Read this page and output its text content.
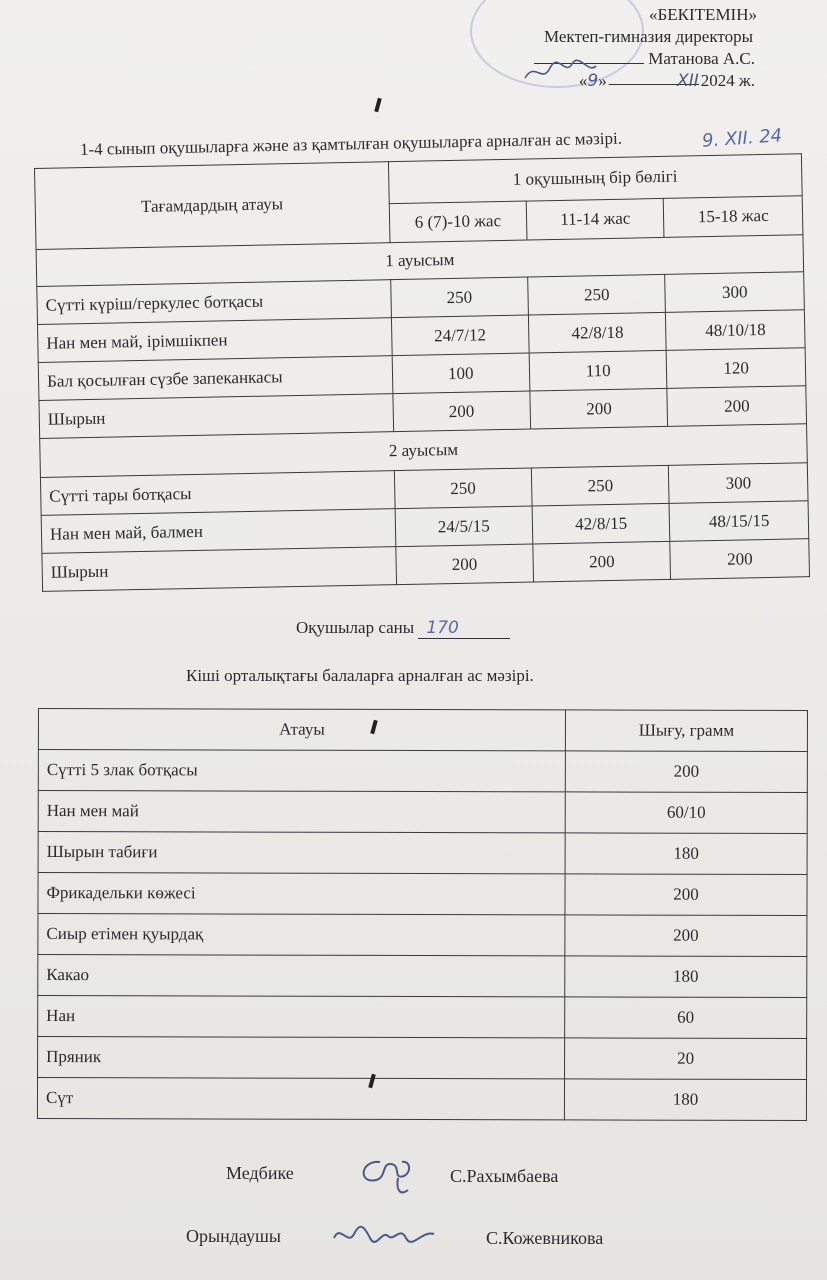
«БЕКІТЕМІН»
Мектеп-гимназия директоры
Матанова А.С.
«9»	XII 2024 ж.
1-4 сынып оқушыларға және аз қамтылған оқушыларға арналған ас мәзірі.	9. XII. 24
Тағамдардың атауы	1 оқушының бір бөлігі		
	6 (7)-10 жас	11-14 жас	15-18 жас
1 ауысым			
Сүтті күріш/геркулес ботқасы	250	250	300
Нан мен май, ірімшікпен	24/7/12	42/8/18	48/10/18
Бал қосылған сүзбе запеканкасы	100	110	120
Шырын	200	200	200
2 ауысым			
Сүтті тары ботқасы	250	250	300
Нан мен май, балмен	24/5/15	42/8/15	48/15/15
Шырын	200	200	200
Оқушылар саны 170
Кіші орталықтағы балаларға арналған ас мәзірі.
Атауы	Шығу, грамм
Сүтті 5 злак ботқасы	200
Нан мен май	60/10
Шырын табиғи	180
Фрикадельки көжесі	200
Сиыр етімен қуырдақ	200
Какао	180
Нан	60
Пряник	20
Сүт	180
Медбике	С.Рахымбаева
Орындаушы	С.Кожевникова
